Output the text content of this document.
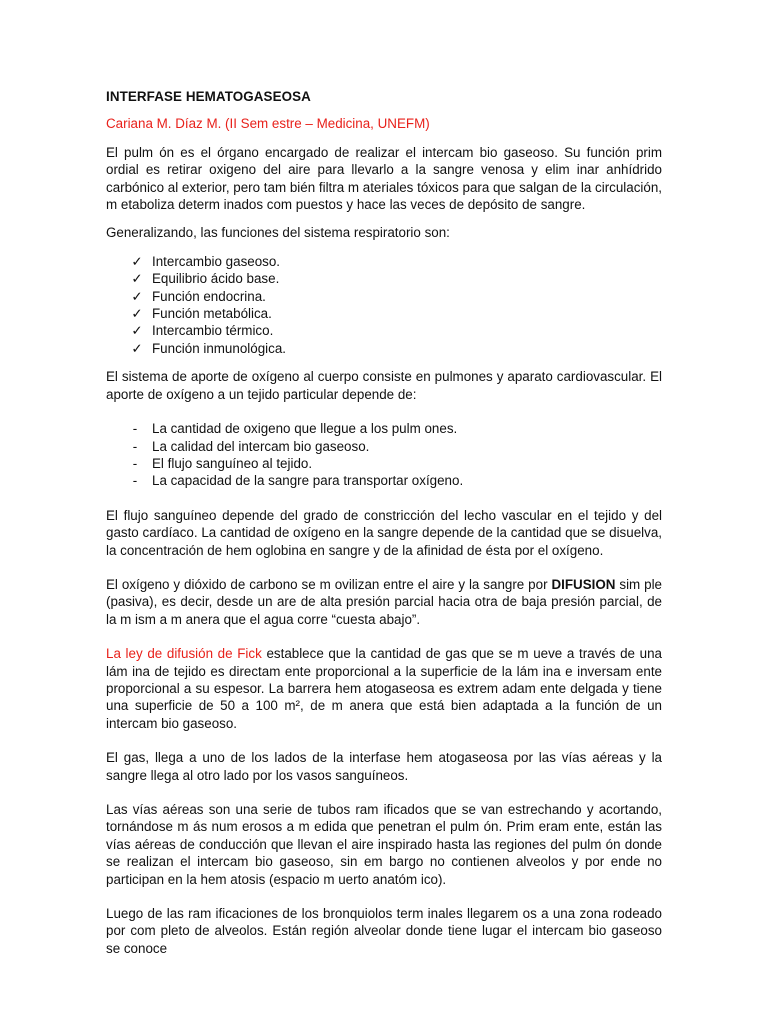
INTERFASE HEMATOGASEOSA

Cariana M. Díaz M. (II Sem estre – Medicina, UNEFM)

El pulm ón es el órgano encargado de realizar el intercam bio gaseoso. Su función prim ordial es retirar oxigeno del aire para llevarlo a la sangre venosa y elim inar anhídrido carbónico al exterior, pero tam bién filtra m ateriales tóxicos para que salgan de la circulación, m etaboliza determ inados com puestos y hace las veces de depósito de sangre.

Generalizando, las funciones del sistema respiratorio son:

✓ Intercambio gaseoso.
✓ Equilibrio ácido base.
✓ Función endocrina.
✓ Función metabólica.
✓ Intercambio térmico.
✓ Función inmunológica.

El sistema de aporte de oxígeno al cuerpo consiste en pulmones y aparato cardiovascular. El aporte de oxígeno a un tejido particular depende de:

-	La cantidad de oxigeno que llegue a los pulm ones.
-	La calidad del intercam bio gaseoso.
-	El flujo sanguíneo al tejido.
-	La capacidad de la sangre para transportar oxígeno.

El flujo sanguíneo depende del grado de constricción del lecho vascular en el tejido y del gasto cardíaco. La cantidad de oxígeno en la sangre depende de la cantidad que se disuelva, la concentración de hem oglobina en sangre y de la afinidad de ésta por el oxígeno.

El oxígeno y dióxido de carbono se m ovilizan entre el aire y la sangre por DIFUSION sim ple (pasiva), es decir, desde un are de alta presión parcial hacia otra de baja presión parcial, de la m ism a m anera que el agua corre “cuesta abajo”.

La ley de difusión de Fick establece que la cantidad de gas que se m ueve a través de una lám ina de tejido es directam ente proporcional a la superficie de la lám ina e inversam ente proporcional a su espesor. La barrera hem atogaseosa es extrem adam ente delgada y tiene una superficie de 50 a 100 m², de m anera que está bien adaptada a la función de un intercam bio gaseoso.

El gas, llega a uno de los lados de la interfase hem atogaseosa por las vías aéreas y la sangre llega al otro lado por los vasos sanguíneos.

Las vías aéreas son una serie de tubos ram ificados que se van estrechando y acortando, tornándose m ás num erosos a m edida que penetran el pulm ón. Prim eram ente, están las vías aéreas de conducción que llevan el aire inspirado hasta las regiones del pulm ón donde se realizan el intercam bio gaseoso, sin em bargo no contienen alveolos y por ende no participan en la hem atosis (espacio m uerto anatóm ico).

Luego de las ram ificaciones de los bronquiolos term inales llegarem os a una zona rodeado por com pleto de alveolos. Están región alveolar donde tiene lugar el intercam bio gaseoso se conoce
